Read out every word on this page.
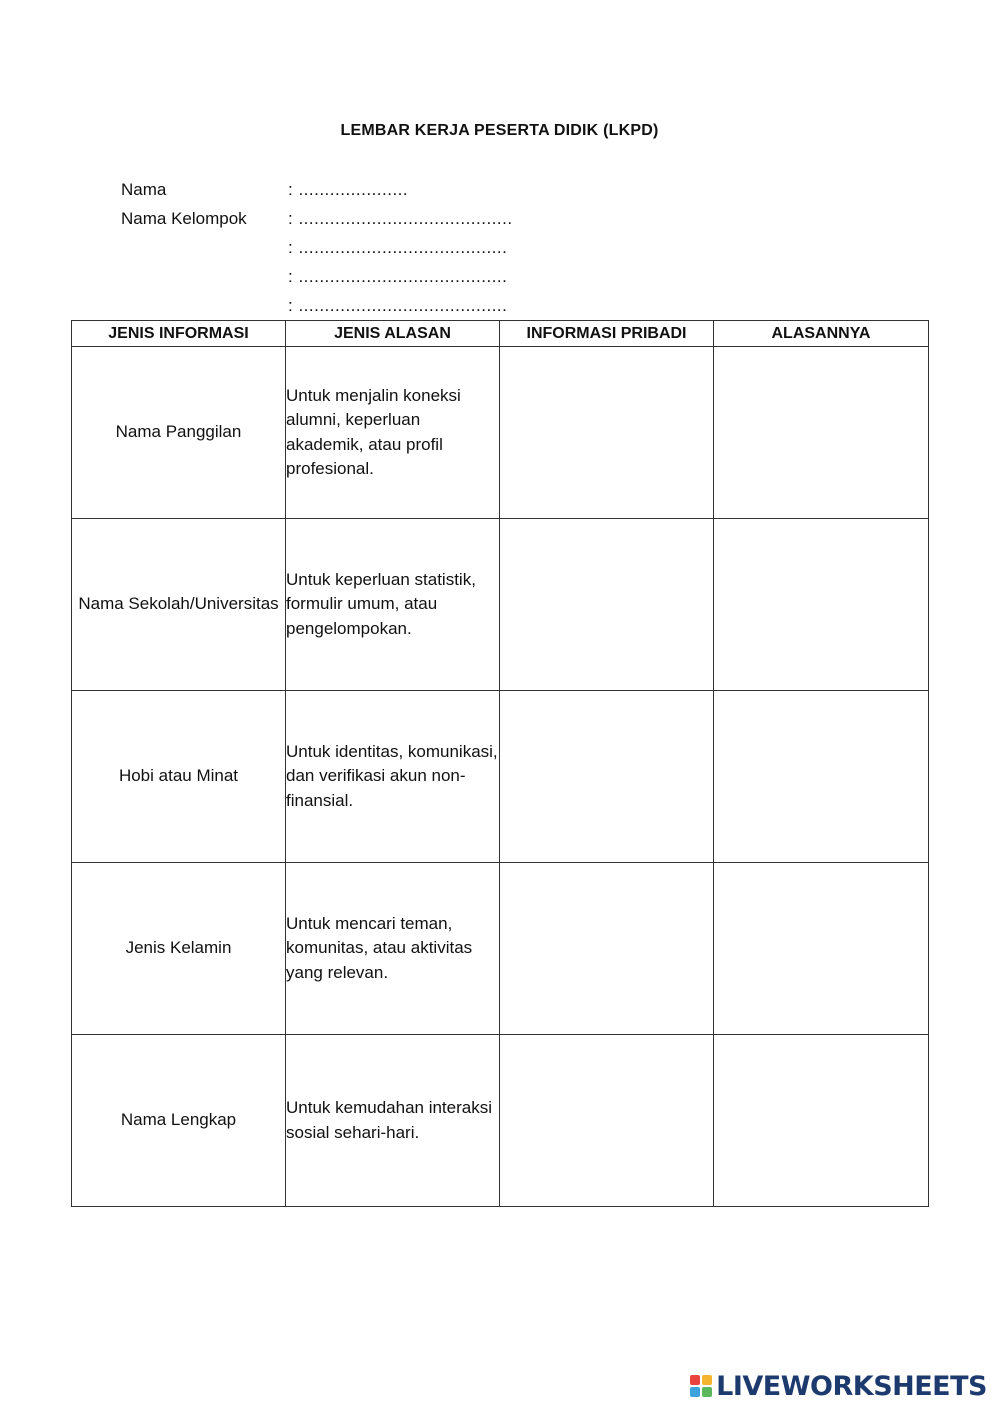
LEMBAR KERJA PESERTA DIDIK (LKPD)
Nama	: .....................
Nama Kelompok : .........................................
: ........................................
: ........................................
: ........................................
JENIS INFORMASI	JENIS ALASAN	INFORMASI PRIBADI	ALASANNYA
Nama Panggilan	Untuk menjalin koneksi alumni, keperluan akademik, atau profil profesional.		
Nama Sekolah/Universitas	Untuk keperluan statistik, formulir umum, atau pengelompokan.		
Hobi atau Minat	Untuk identitas, komunikasi, dan verifikasi akun non-finansial.		
Jenis Kelamin	Untuk mencari teman, komunitas, atau aktivitas yang relevan.		
Nama Lengkap	Untuk kemudahan interaksi sosial sehari-hari.		
LIVEWORKSHEETS
